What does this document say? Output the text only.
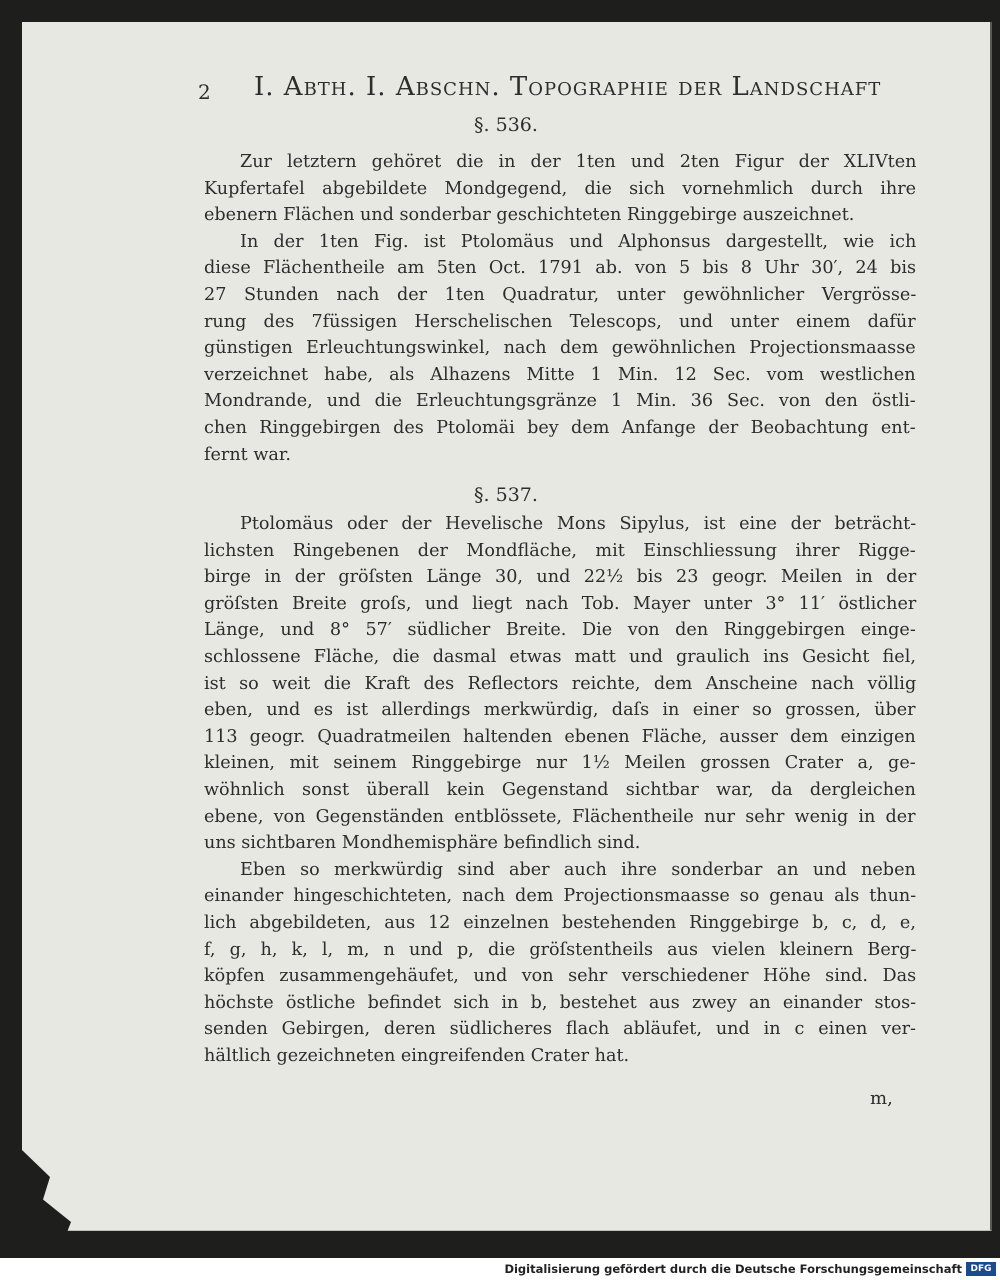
2 I. Abth. I. Abschn. Topographie der Landschaft
§. 536.

Zur letztern gehöret die in der 1ten und 2ten Figur der XLIVten
Kupfertafel abgebildete Mondgegend, die sich vornehmlich durch ihre
ebenern Flächen und sonderbar geschichteten Ringgebirge auszeichnet.

In der 1ten Fig. ist Ptolomäus und Alphonsus dargestellt, wie ich
diese Flächentheile am 5ten Oct. 1791 ab. von 5 bis 8 Uhr 30′, 24 bis
27 Stunden nach der 1ten Quadratur, unter gewöhnlicher Vergrösse-
rung des 7füssigen Herschelischen Telescops, und unter einem dafür
günstigen Erleuchtungswinkel, nach dem gewöhnlichen Projectionsmaasse
verzeichnet habe, als Alhazens Mitte 1 Min. 12 Sec. vom westlichen
Mondrande, und die Erleuchtungsgränze 1 Min. 36 Sec. von den östli-
chen Ringgebirgen des Ptolomäi bey dem Anfange der Beobachtung ent-
fernt war.

§. 537.

Ptolomäus oder der Hevelische Mons Sipylus, ist eine der beträcht-
lichsten Ringebenen der Mondfläche, mit Einschliessung ihrer Rigge-
birge in der gröſsten Länge 30, und 22½ bis 23 geogr. Meilen in der
gröſsten Breite groſs, und liegt nach Tob. Mayer unter 3° 11′ östlicher
Länge, und 8° 57′ südlicher Breite. Die von den Ringgebirgen einge-
schlossene Fläche, die dasmal etwas matt und graulich ins Gesicht fiel,
ist so weit die Kraft des Reflectors reichte, dem Anscheine nach völlig
eben, und es ist allerdings merkwürdig, daſs in einer so grossen, über
113 geogr. Quadratmeilen haltenden ebenen Fläche, ausser dem einzigen
kleinen, mit seinem Ringgebirge nur 1½ Meilen grossen Crater a, ge-
wöhnlich sonst überall kein Gegenstand sichtbar war, da dergleichen
ebene, von Gegenständen entblössete, Flächentheile nur sehr wenig in der
uns sichtbaren Mondhemisphäre befindlich sind.

Eben so merkwürdig sind aber auch ihre sonderbar an und neben
einander hingeschichteten, nach dem Projectionsmaasse so genau als thun-
lich abgebildeten, aus 12 einzelnen bestehenden Ringgebirge b, c, d, e,
f, g, h, k, l, m, n und p, die gröſstentheils aus vielen kleinern Berg-
köpfen zusammengehäufet, und von sehr verschiedener Höhe sind. Das
höchste östliche befindet sich in b, bestehet aus zwey an einander stos-
senden Gebirgen, deren südlicheres flach abläufet, und in c einen ver-
hältlich gezeichneten eingreifenden Crater hat.

m,
Digitalisierung gefördert durch die Deutsche Forschungsgemeinschaft DFG
